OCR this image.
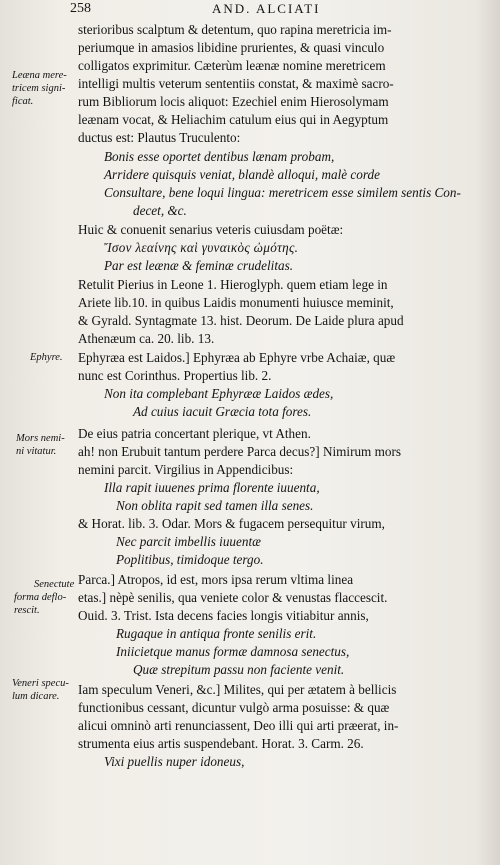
258	AND. ALCIATI
Leæna mere-
tricem signi-
ficat.
Ephyre.
Mors nemi-
ni vitatur.
Senectute
forma deflo-
rescit.
Veneri specu-
lum dicare.
sterioribus scalptum & detentum, quo rapina meretricia im-
periumque in amasios libidine prurientes, & quasi vinculo
colligatos exprimitur. Cæterùm leænæ nomine meretricem
intelligi multis veterum sententiis constat, & maximè sacro-
rum Bibliorum locis aliquot: Ezechiel enim Hierosolymam
leænam vocat, & Heliachim catulum eius qui in Aegyptum
ductus est: Plautus Truculento:
Bonis esse oportet dentibus lænam probam,
Arridere quisquis veniat, blandè alloqui, malè corde
Consultare, bene loqui lingua: meretricem esse similem sentis Con-
decet, &c.
Huic & conuenit senarius veteris cuiusdam poëtæ:
Ἴσον λεαίνης καὶ γυναικὸς ὠμότης.
Par est leænæ & feminæ crudelitas.
Retulit Pierius in Leone 1. Hieroglyph. quem etiam lege in
Ariete lib.10. in quibus Laidis monumenti huiusce meminit,
& Gyrald. Syntagmate 13. hist. Deorum. De Laide plura apud
Athenæum ca. 20. lib. 13.
Ephyræa est Laidos.] Ephyræa ab Ephyre vrbe Achaiæ, quæ
nunc est Corinthus. Propertius lib. 2.
Non ita complebant Ephyrææ Laidos ædes,
Ad cuius iacuit Græcia tota fores.
De eius patria concertant plerique, vt Athen.
ah! non Erubuit tantum perdere Parca decus?] Nimirum mors
nemini parcit. Virgilius in Appendicibus:
Illa rapit iuuenes prima florente iuuenta,
Non oblita rapit sed tamen illa senes.
& Horat. lib. 3. Odar. Mors & fugacem persequitur virum,
Nec parcit imbellis iuuentæ
Poplitibus, timidoque tergo.
Parca.] Atropos, id est, mors ipsa rerum vltima linea
etas.] nèpè senilis, qua veniete color & venustas flaccescit.
Ouid. 3. Trist. Ista decens facies longis vitiabitur annis,
Rugaque in antiqua fronte senilis erit.
Iniicietque manus formæ damnosa senectus,
Quæ strepitum passu non faciente venit.
Iam speculum Veneri, &c.] Milites, qui per ætatem à bellicis
functionibus cessant, dicuntur vulgò arma posuisse: & quæ
alicui omninò arti renunciassent, Deo illi qui arti præerat, in-
strumenta eius artis suspendebant. Horat. 3. Carm. 26.
Vixi puellis nuper idoneus,
